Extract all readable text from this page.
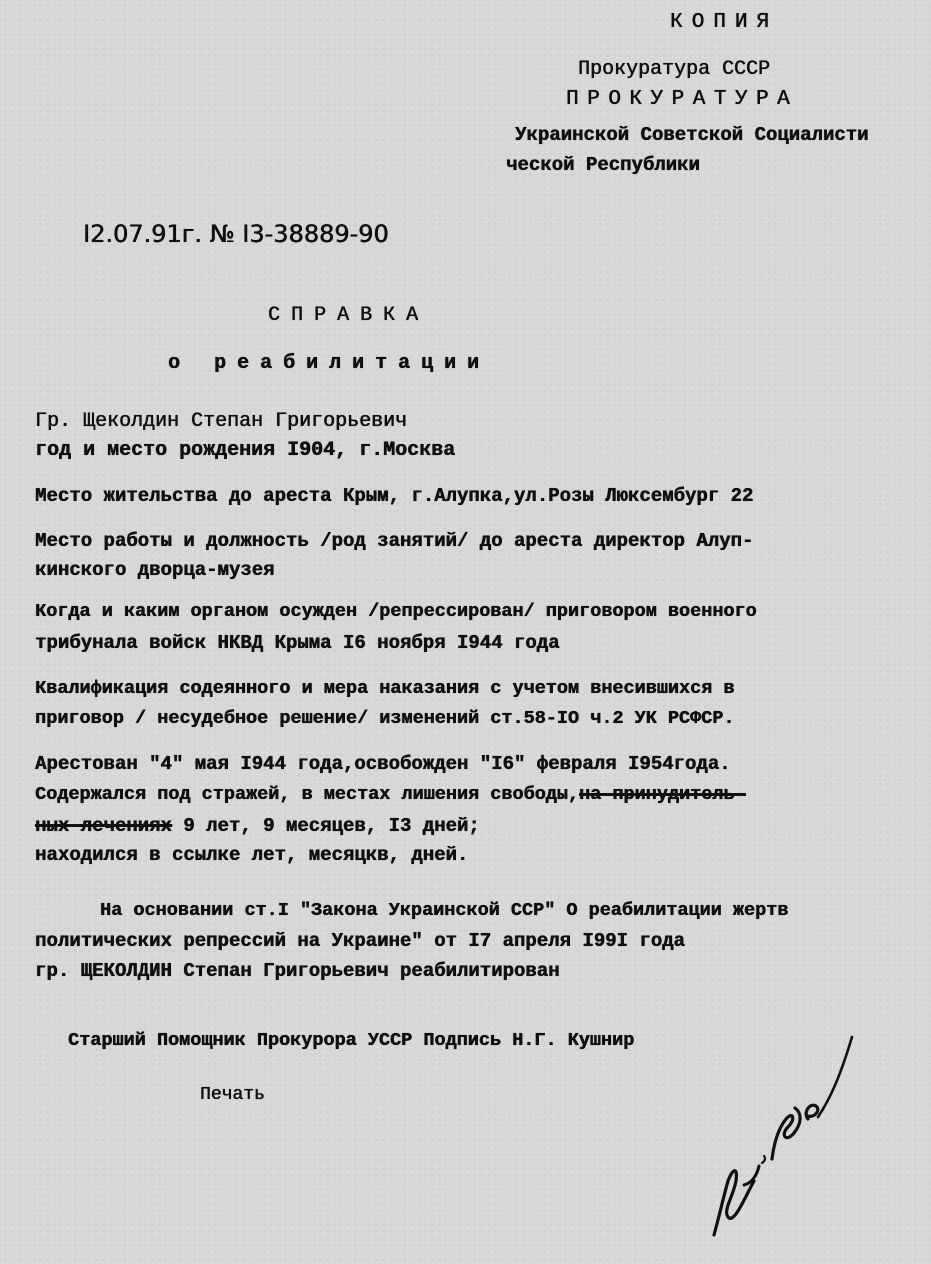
КОПИЯ
Прокуратура СССР
ПРОКУРАТУРА
Украинской Советской Социалисти
ческой Республики
I2.07.91г. № I3-38889-90
СПРАВКА
о реабилитации
Гр. Щеколдин Степан Григорьевич
год и место рождения I904, г.Москва
Место жительства до ареста Крым, г.Алупка,ул.Розы Люксембург 22
Место работы и должность /род занятий/ до ареста директор Алуп-
кинского дворца-музея
Когда и каким органом осужден /репрессирован/ приговором военного
трибунала войск НКВД Крыма I6 ноября I944 года
Квалификация содеянного и мера наказания с учетом внесившихся в
приговор / несудебное решение/ изменений ст.58-IO ч.2 УК РСФСР.
Арестован "4" мая I944 года,освобожден "I6" февраля I954года.
Содержался под стражей, в местах лишения свободы,на принудитель-
ных лечениях 9 лет, 9 месяцев, I3 дней;
находился в ссылке лет, месяцкв, дней.
На основании ст.I "Закона Украинской ССР" О реабилитации жертв
политических репрессий на Украине" от I7 апреля I99I года
гр. ЩЕКОЛДИН Степан Григорьевич реабилитирован
Старший Помощник Прокурора УССР Подпись Н.Г. Кушнир
Печать
